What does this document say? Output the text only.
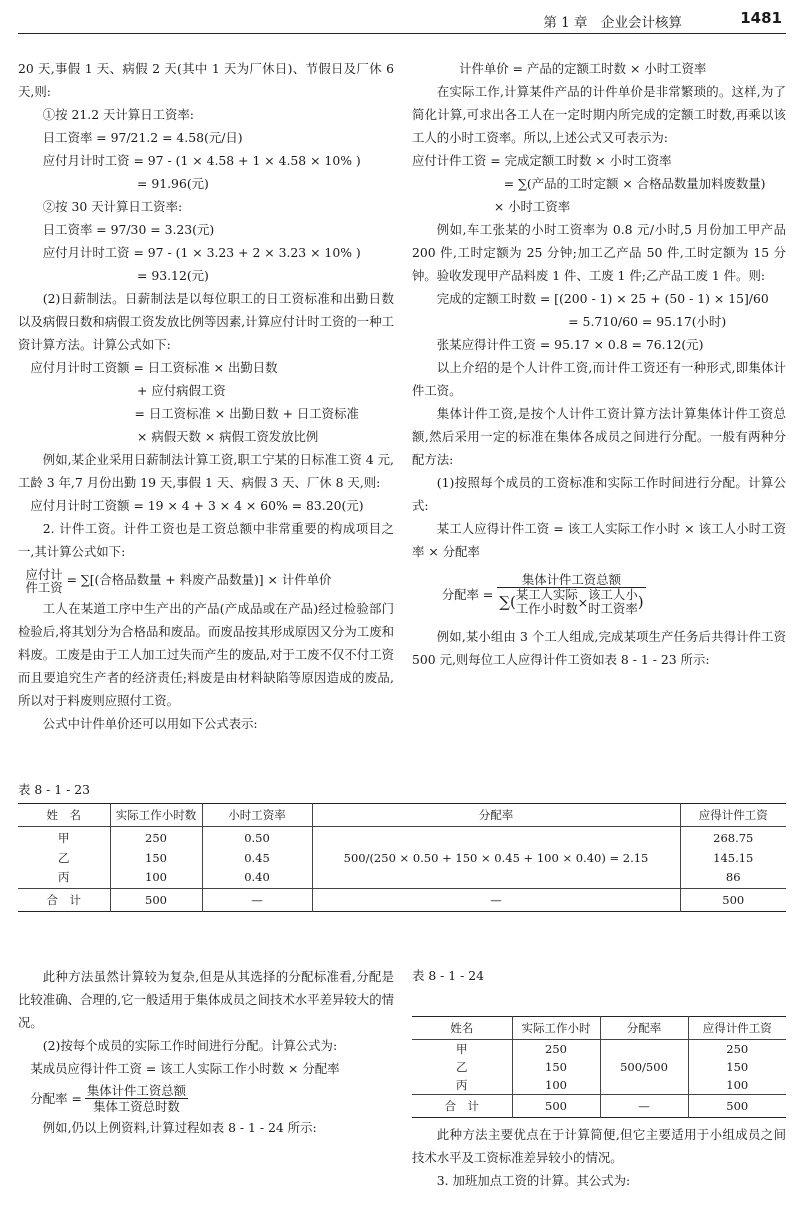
第 1 章　企业会计核算	1481

20 天,事假 1 天、病假 2 天(其中 1 天为厂休日)、节假日及厂休 6 天,则:

①按 21.2 天计算日工资率:

日工资率 = 97/21.2 = 4.58(元/日)

应付月计时工资 = 97 - (1 × 4.58 + 1 × 4.58 × 10% )

= 91.96(元)

②按 30 天计算日工资率:

日工资率 = 97/30 = 3.23(元)

应付月计时工资 = 97 - (1 × 3.23 + 2 × 3.23 × 10% )

= 93.12(元)

(2)日薪制法。日薪制法是以每位职工的日工资标准和出勤日数以及病假日数和病假工资发放比例等因素,计算应付计时工资的一种工资计算方法。计算公式如下:

应付月计时工资额 = 日工资标准 × 出勤日数

+ 应付病假工资

= 日工资标准 × 出勤日数 + 日工资标准

× 病假天数 × 病假工资发放比例

例如,某企业采用日薪制法计算工资,职工宁某的日标准工资 4 元,工龄 3 年,7 月份出勤 19 天,事假 1 天、病假 3 天、厂休 8 天,则:

应付月计时工资额 = 19 × 4 + 3 × 4 × 60% = 83.20(元)

2. 计件工资。计件工资也是工资总额中非常重要的构成项目之一,其计算公式如下:

应付计
件工资 = ∑[(合格品数量 + 料废产品数量)] × 计件单价

工人在某道工序中生产出的产品(产成品或在产品)经过检验部门检验后,将其划分为合格品和废品。而废品按其形成原因又分为工废和料废。工废是由于工人加工过失而产生的废品,对于工废不仅不付工资而且要追究生产者的经济责任;料废是由材料缺陷等原因造成的废品,所以对于料废则应照付工资。

公式中计件单价还可以用如下公式表示:

计件单价 = 产品的定额工时数 × 小时工资率

在实际工作,计算某件产品的计件单价是非常繁琐的。这样,为了简化计算,可求出各工人在一定时期内所完成的定额工时数,再乘以该工人的小时工资率。所以,上述公式又可表示为:

应付计件工资 = 完成定额工时数 × 小时工资率

= ∑(产品的工时定额 × 合格品数量加料废数量)

× 小时工资率

例如,车工张某的小时工资率为 0.8 元/小时,5 月份加工甲产品 200 件,工时定额为 25 分钟;加工乙产品 50 件,工时定额为 15 分钟。验收发现甲产品料废 1 件、工废 1 件;乙产品工废 1 件。则:

完成的定额工时数 = [(200 - 1) × 25 + (50 - 1) × 15]/60

= 5.710/60 = 95.17(小时)

张某应得计件工资 = 95.17 × 0.8 = 76.12(元)

以上介绍的是个人计件工资,而计件工资还有一种形式,即集体计件工资。

集体计件工资,是按个人计件工资计算方法计算集体计件工资总额,然后采用一定的标准在集体各成员之间进行分配。一般有两种分配方法:

(1)按照每个成员的工资标准和实际工作时间进行分配。计算公式:

某工人应得计件工资 = 该工人实际工作小时 × 该工人小时工资率 × 分配率

分配率 = 集体计件工资总额
∑( 某工人实际
工作小时数 × 该工人小
时工资率 )

例如,某小组由 3 个工人组成,完成某项生产任务后共得计件工资 500 元,则每位工人应得计件工资如表 8 - 1 - 23 所示:

表 8 - 1 - 23
姓　名	实际工作小时数	小时工资率	分配率	应得计件工资
甲	250	0.50	500/(250 × 0.50 + 150 × 0.45 + 100 × 0.40) = 2.15	268.75
乙	150	0.45		145.15
丙	100	0.40		86
合　计	500	—	—	500

此种方法虽然计算较为复杂,但是从其选择的分配标准看,分配是比较准确、合理的,它一般适用于集体成员之间技术水平差异较大的情况。

(2)按每个成员的实际工作时间进行分配。计算公式为:

某成员应得计件工资 = 该工人实际工作小时数 × 分配率

分配率 = $\frac{\text{集体计件工资总额}}{\text{集体工资总时数}}$

例如,仍以上例资料,计算过程如表 8 - 1 - 24 所示:

表 8 - 1 - 24
姓名	实际工作小时	分配率	应得计件工资
甲	250	500/500	250
乙	150		150
丙	100		100
合　计	500	—	500

此种方法主要优点在于计算简便,但它主要适用于小组成员之间技术水平及工资标准差异较小的情况。

3. 加班加点工资的计算。其公式为:
